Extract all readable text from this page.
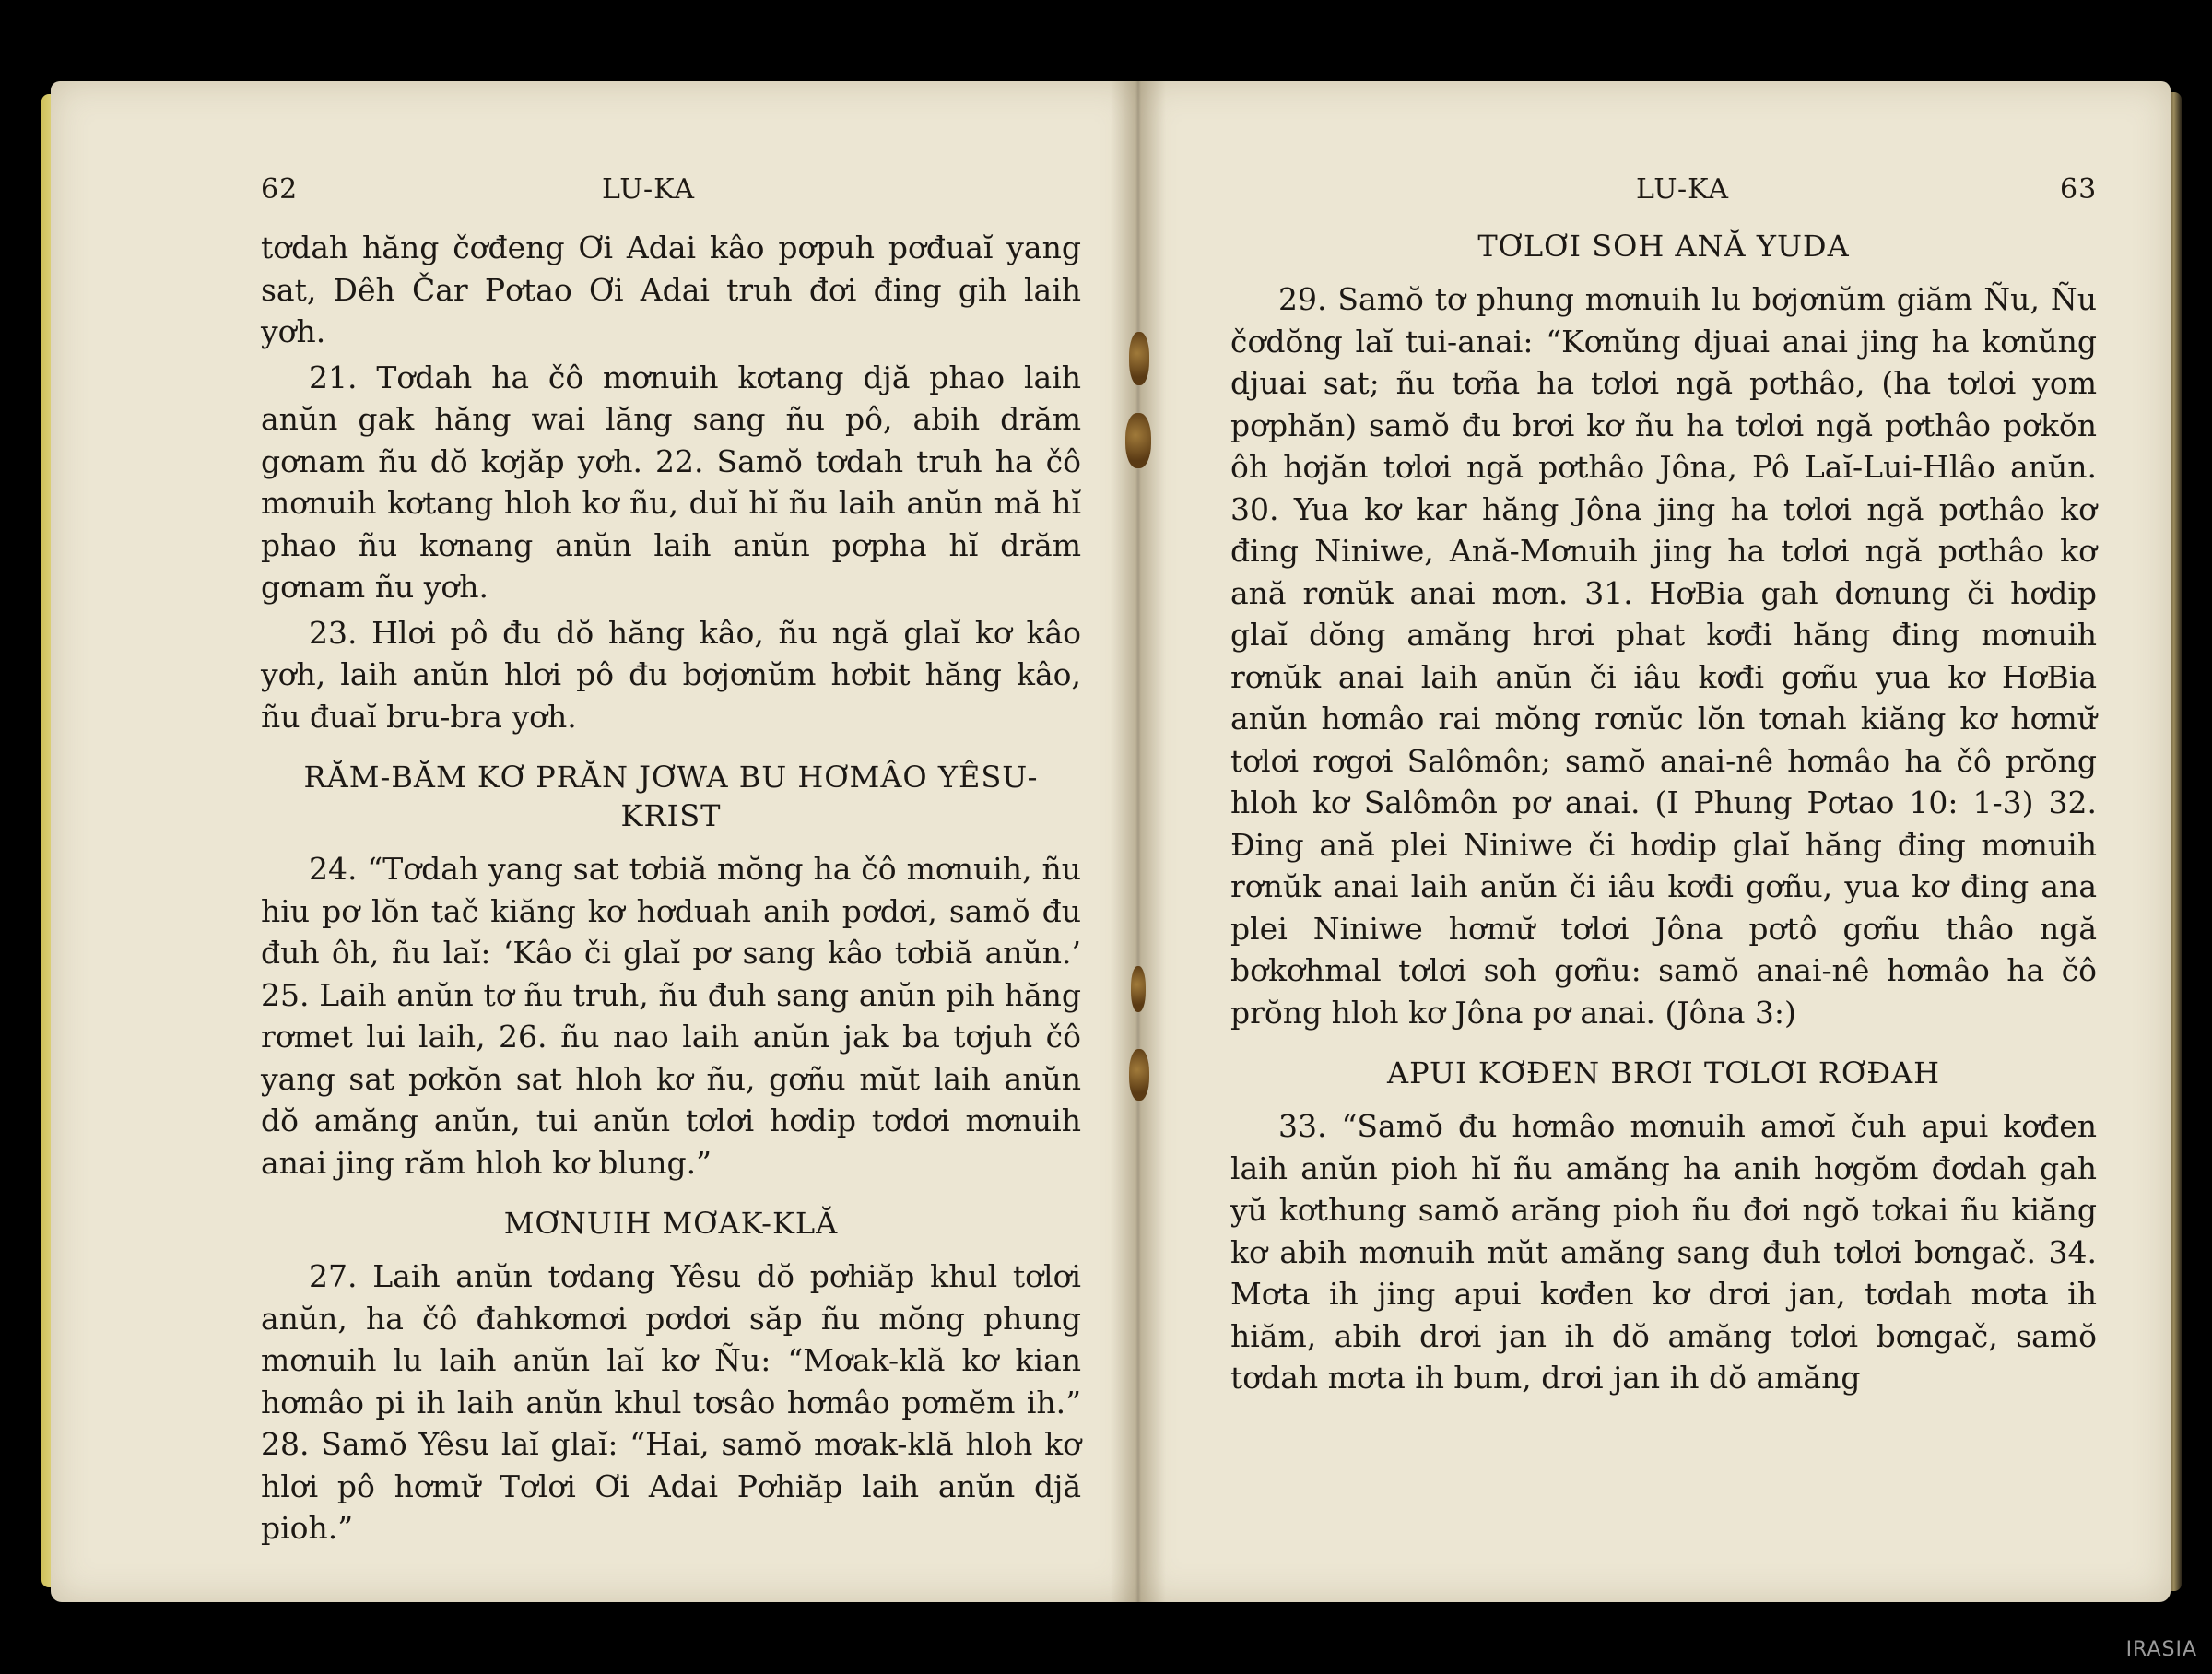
62	LU-KA

tơdah hăng čơđeng Ơi Adai kâo pơpuh pơđuaĭ yang sat, Dêh Čar Pơtao Ơi Adai truh đơi đing gih laih yơh.

21. Tơdah ha čô mơnuih kơtang djă phao laih anŭn gak hăng wai lăng sang ñu pô, abih drăm gơnam ñu dŏ kơjăp yơh. 22. Samŏ tơdah truh ha čô mơnuih kơtang hloh kơ ñu, duĭ hĭ ñu laih anŭn mă hĭ phao ñu kơnang anŭn laih anŭn pơpha hĭ drăm gơnam ñu yơh.

23. Hlơi pô đu dŏ hăng kâo, ñu ngă glaĭ kơ kâo yơh, laih anŭn hlơi pô đu bơjơnŭm hơbit hăng kâo, ñu đuaĭ bru-bra yơh.

RĂM-BĂM KƠ PRĂN JƠWA BU HƠMÂO YÊSU-KRIST

24. “Tơdah yang sat tơbiă mŏng ha čô mơnuih, ñu hiu pơ lŏn tač kiăng kơ hơduah anih pơdơi, samŏ đu đuh ôh, ñu laĭ: ‘Kâo či glaĭ pơ sang kâo tơbiă anŭn.’ 25. Laih anŭn tơ ñu truh, ñu đuh sang anŭn pih hăng rơmet lui laih, 26. ñu nao laih anŭn jak ba tơjuh čô yang sat pơkŏn sat hloh kơ ñu, gơñu mŭt laih anŭn dŏ amăng anŭn, tui anŭn tơlơi hơdip tơdơi mơnuih anai jing răm hloh kơ blung.”

MƠNUIH MƠAK-KLĂ

27. Laih anŭn tơdang Yêsu dŏ pơhiăp khul tơlơi anŭn, ha čô đahkơmơi pơdơi săp ñu mŏng phung mơnuih lu laih anŭn laĭ kơ Ñu: “Mơak-klă kơ kian hơmâo pi ih laih anŭn khul tơsâo hơmâo pơmĕm ih.” 28. Samŏ Yêsu laĭ glaĭ: “Hai, samŏ mơak-klă hloh kơ hlơi pô hơmư̆ Tơlơi Ơi Adai Pơhiăp laih anŭn djă pioh.”

LU-KA	63
TƠLƠI SOH ANĂ YUDA

29. Samŏ tơ phung mơnuih lu bơjơnŭm giăm Ñu, Ñu čơdŏng laĭ tui-anai: “Kơnŭng djuai anai jing ha kơnŭng djuai sat; ñu tơña ha tơlơi ngă pơthâo, (ha tơlơi yom pơphăn) samŏ đu brơi kơ ñu ha tơlơi ngă pơthâo pơkŏn ôh hơjăn tơlơi ngă pơthâo Jôna, Pô Laĭ-Lui-Hlâo anŭn. 30. Yua kơ kar hăng Jôna jing ha tơlơi ngă pơthâo kơ đing Niniwe, Ană-Mơnuih jing ha tơlơi ngă pơthâo kơ ană rơnŭk anai mơn. 31. HơBia gah dơnung či hơdip glaĭ dŏng amăng hrơi phat kơđi hăng đing mơnuih rơnŭk anai laih anŭn či iâu kơđi gơñu yua kơ HơBia anŭn hơmâo rai mŏng rơnŭc lŏn tơnah kiăng kơ hơmư̆ tơlơi rơgơi Salômôn; samŏ anai-nê hơmâo ha čô prŏng hloh kơ Salômôn pơ anai. (I Phung Pơtao 10: 1-3) 32. Đing ană plei Niniwe či hơdip glaĭ hăng đing mơnuih rơnŭk anai laih anŭn či iâu kơđi gơñu, yua kơ đing ana plei Niniwe hơmư̆ tơlơi Jôna pơtô gơñu thâo ngă bơkơhmal tơlơi soh gơñu: samŏ anai-nê hơmâo ha čô prŏng hloh kơ Jôna pơ anai. (Jôna 3:)

APUI KƠĐEN BRƠI TƠLƠI RƠĐAH

33. “Samŏ đu hơmâo mơnuih amơĭ čuh apui kơđen laih anŭn pioh hĭ ñu amăng ha anih hơgŏm đơdah gah yŭ kơthung samŏ arăng pioh ñu đơi ngŏ tơkai ñu kiăng kơ abih mơnuih mŭt amăng sang đuh tơlơi bơngač. 34. Mơta ih jing apui kơđen kơ drơi jan, tơdah mơta ih hiăm, abih drơi jan ih dŏ amăng tơlơi bơngač, samŏ tơdah mơta ih bum, drơi jan ih dŏ amăng

IRASIA
